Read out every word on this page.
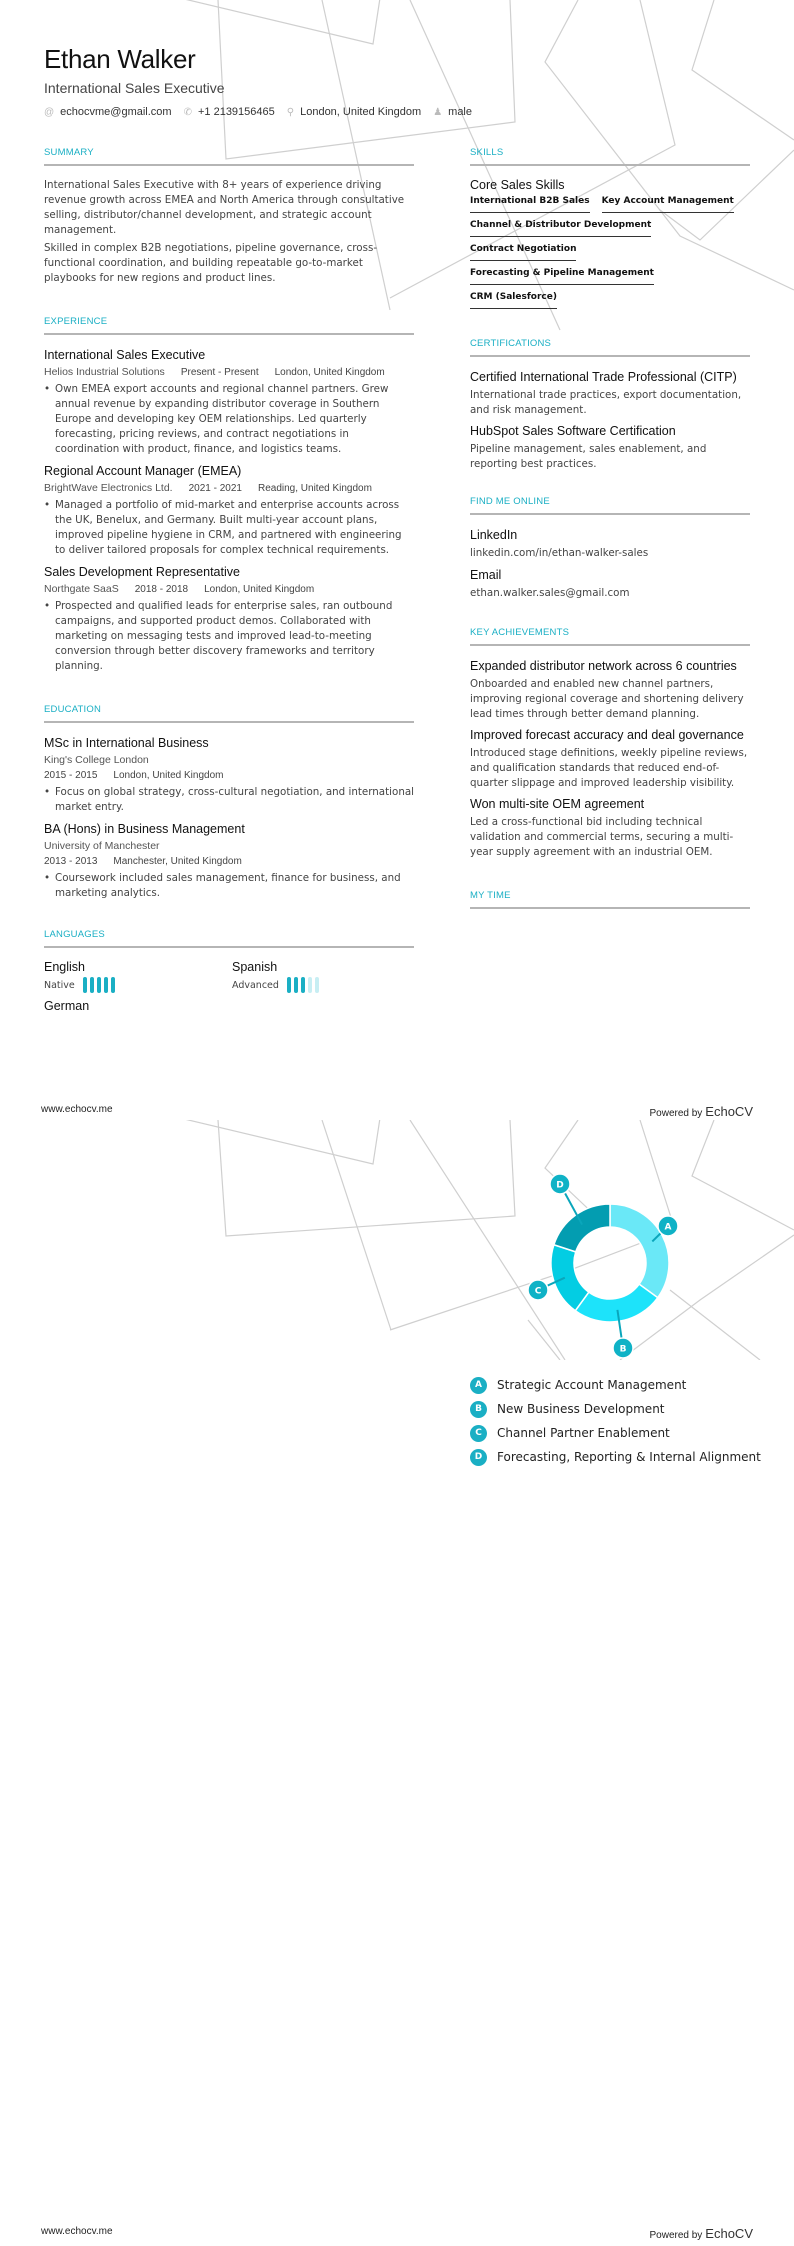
Ethan Walker
International Sales Executive
@ echocvme@gmail.com ✆ +1 2139156465 ⚲ London, United Kingdom ♟ male
SUMMARY

International Sales Executive with 8+ years of experience driving revenue growth across EMEA and North America through consultative selling, distributor/channel development, and strategic account management.

Skilled in complex B2B negotiations, pipeline governance, cross-functional coordination, and building repeatable go-to-market playbooks for new regions and product lines.

EXPERIENCE
International Sales Executive
Helios Industrial Solutions Present - Present London, United Kingdom
• Own EMEA export accounts and regional channel partners. Grew annual revenue by expanding distributor coverage in Southern Europe and developing key OEM relationships. Led quarterly forecasting, pricing reviews, and contract negotiations in coordination with product, finance, and logistics teams.
Regional Account Manager (EMEA)
BrightWave Electronics Ltd. 2021 - 2021 Reading, United Kingdom
• Managed a portfolio of mid-market and enterprise accounts across the UK, Benelux, and Germany. Built multi-year account plans, improved pipeline hygiene in CRM, and partnered with engineering to deliver tailored proposals for complex technical requirements.
Sales Development Representative
Northgate SaaS 2018 - 2018 London, United Kingdom
• Prospected and qualified leads for enterprise sales, ran outbound campaigns, and supported product demos. Collaborated with marketing on messaging tests and improved lead-to-meeting conversion through better discovery frameworks and territory planning.
EDUCATION
MSc in International Business
King's College London
2015 - 2015 London, United Kingdom
• Focus on global strategy, cross-cultural negotiation, and international market entry.
BA (Hons) in Business Management
University of Manchester
2013 - 2013 Manchester, United Kingdom
• Coursework included sales management, finance for business, and marketing analytics.
LANGUAGES
English
Native
Spanish
Advanced
German
SKILLS
Core Sales Skills
International B2B Sales Key Account Management
Channel & Distributor Development
Contract Negotiation
Forecasting & Pipeline Management
CRM (Salesforce)
CERTIFICATIONS
Certified International Trade Professional (CITP)

International trade practices, export documentation, and risk management.

HubSpot Sales Software Certification

Pipeline management, sales enablement, and reporting best practices.

FIND ME ONLINE
LinkedIn

linkedin.com/in/ethan-walker-sales

Email

ethan.walker.sales@gmail.com

KEY ACHIEVEMENTS
Expanded distributor network across 6 countries

Onboarded and enabled new channel partners, improving regional coverage and shortening delivery lead times through better demand planning.

Improved forecast accuracy and deal governance

Introduced stage definitions, weekly pipeline reviews, and qualification standards that reduced end-of-quarter slippage and improved leadership visibility.

Won multi-site OEM agreement

Led a cross-functional bid including technical validation and commercial terms, securing a multi-year supply agreement with an industrial OEM.

MY TIME
www.echocv.me	Powered by EchoCV
A
B
C
D
A	Strategic Account Management
B	New Business Development
C	Channel Partner Enablement
D	Forecasting, Reporting & Internal Alignment
www.echocv.me	Powered by EchoCV
